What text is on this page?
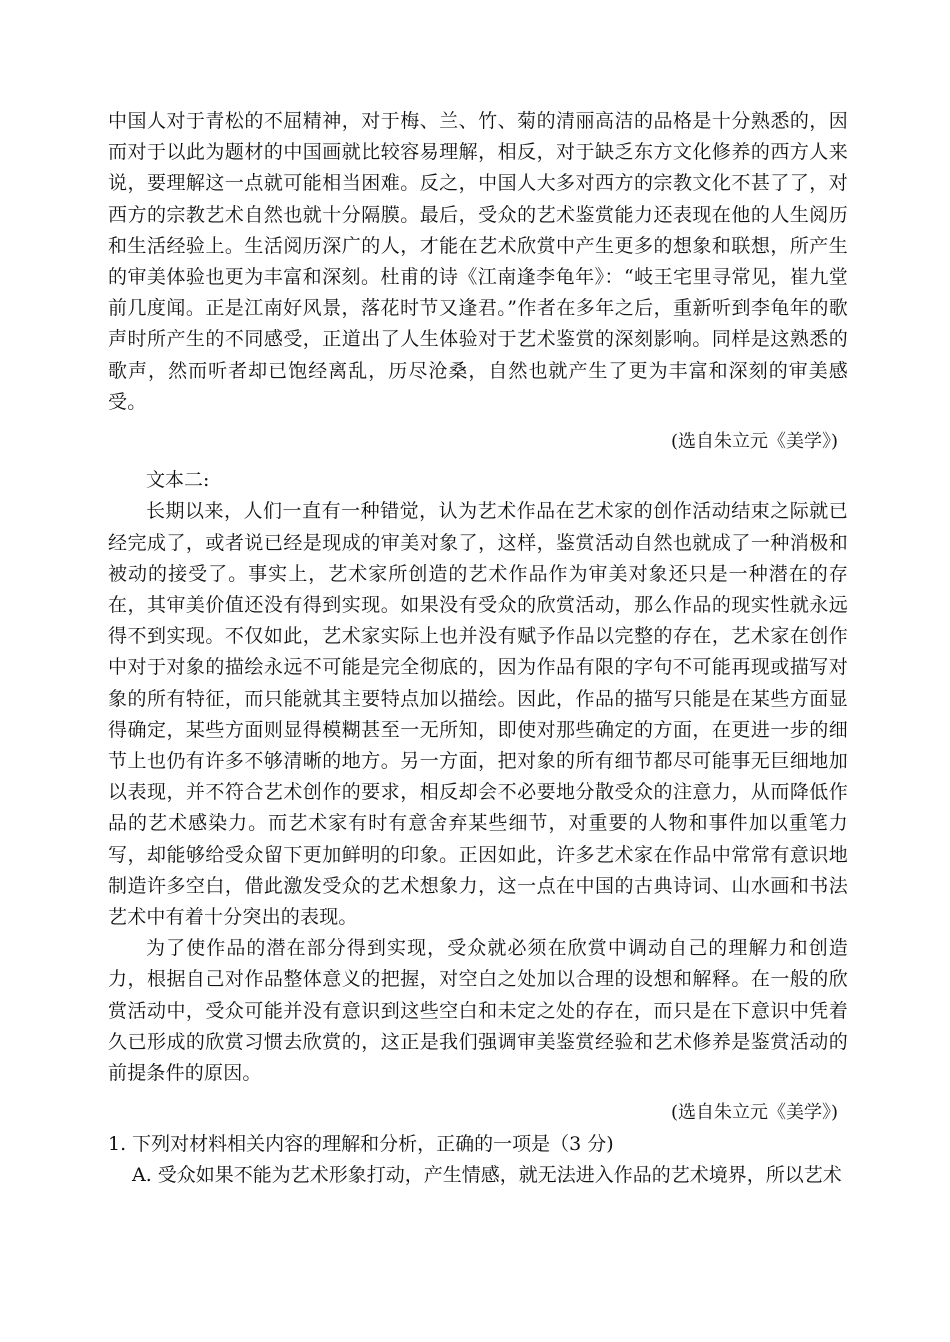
中国人对于青松的不屈精神，对于梅、兰、竹、菊的清丽高洁的品格是十分熟悉的，因而对于以此为题材的中国画就比较容易理解，相反，对于缺乏东方文化修养的西方人来说，要理解这一点就可能相当困难。反之，中国人大多对西方的宗教文化不甚了了，对西方的宗教艺术自然也就十分隔膜。最后，受众的艺术鉴赏能力还表现在他的人生阅历和生活经验上。生活阅历深广的人，才能在艺术欣赏中产生更多的想象和联想，所产生的审美体验也更为丰富和深刻。杜甫的诗《江南逢李龟年》：“岐王宅里寻常见，崔九堂前几度闻。正是江南好风景，落花时节又逢君。”作者在多年之后，重新听到李龟年的歌声时所产生的不同感受，正道出了人生体验对于艺术鉴赏的深刻影响。同样是这熟悉的歌声，然而听者却已饱经离乱，历尽沧桑，自然也就产生了更为丰富和深刻的审美感受。

(选自朱立元《美学》)

文本二:

长期以来，人们一直有一种错觉，认为艺术作品在艺术家的创作活动结束之际就已经完成了，或者说已经是现成的审美对象了，这样，鉴赏活动自然也就成了一种消极和被动的接受了。事实上，艺术家所创造的艺术作品作为审美对象还只是一种潜在的存在，其审美价值还没有得到实现。如果没有受众的欣赏活动，那么作品的现实性就永远得不到实现。不仅如此，艺术家实际上也并没有赋予作品以完整的存在，艺术家在创作中对于对象的描绘永远不可能是完全彻底的，因为作品有限的字句不可能再现或描写对象的所有特征，而只能就其主要特点加以描绘。因此，作品的描写只能是在某些方面显得确定，某些方面则显得模糊甚至一无所知，即使对那些确定的方面，在更进一步的细节上也仍有许多不够清晰的地方。另一方面，把对象的所有细节都尽可能事无巨细地加以表现，并不符合艺术创作的要求，相反却会不必要地分散受众的注意力，从而降低作品的艺术感染力。而艺术家有时有意舍弃某些细节，对重要的人物和事件加以重笔力写，却能够给受众留下更加鲜明的印象。正因如此，许多艺术家在作品中常常有意识地制造许多空白，借此激发受众的艺术想象力，这一点在中国的古典诗词、山水画和书法艺术中有着十分突出的表现。

为了使作品的潜在部分得到实现，受众就必须在欣赏中调动自己的理解力和创造力，根据自己对作品整体意义的把握，对空白之处加以合理的设想和解释。在一般的欣赏活动中，受众可能并没有意识到这些空白和未定之处的存在，而只是在下意识中凭着久已形成的欣赏习惯去欣赏的，这正是我们强调审美鉴赏经验和艺术修养是鉴赏活动的前提条件的原因。

(选自朱立元《美学》)

1. 下列对材料相关内容的理解和分析，正确的一项是（3 分)

A. 受众如果不能为艺术形象打动，产生情感，就无法进入作品的艺术境界，所以艺术
